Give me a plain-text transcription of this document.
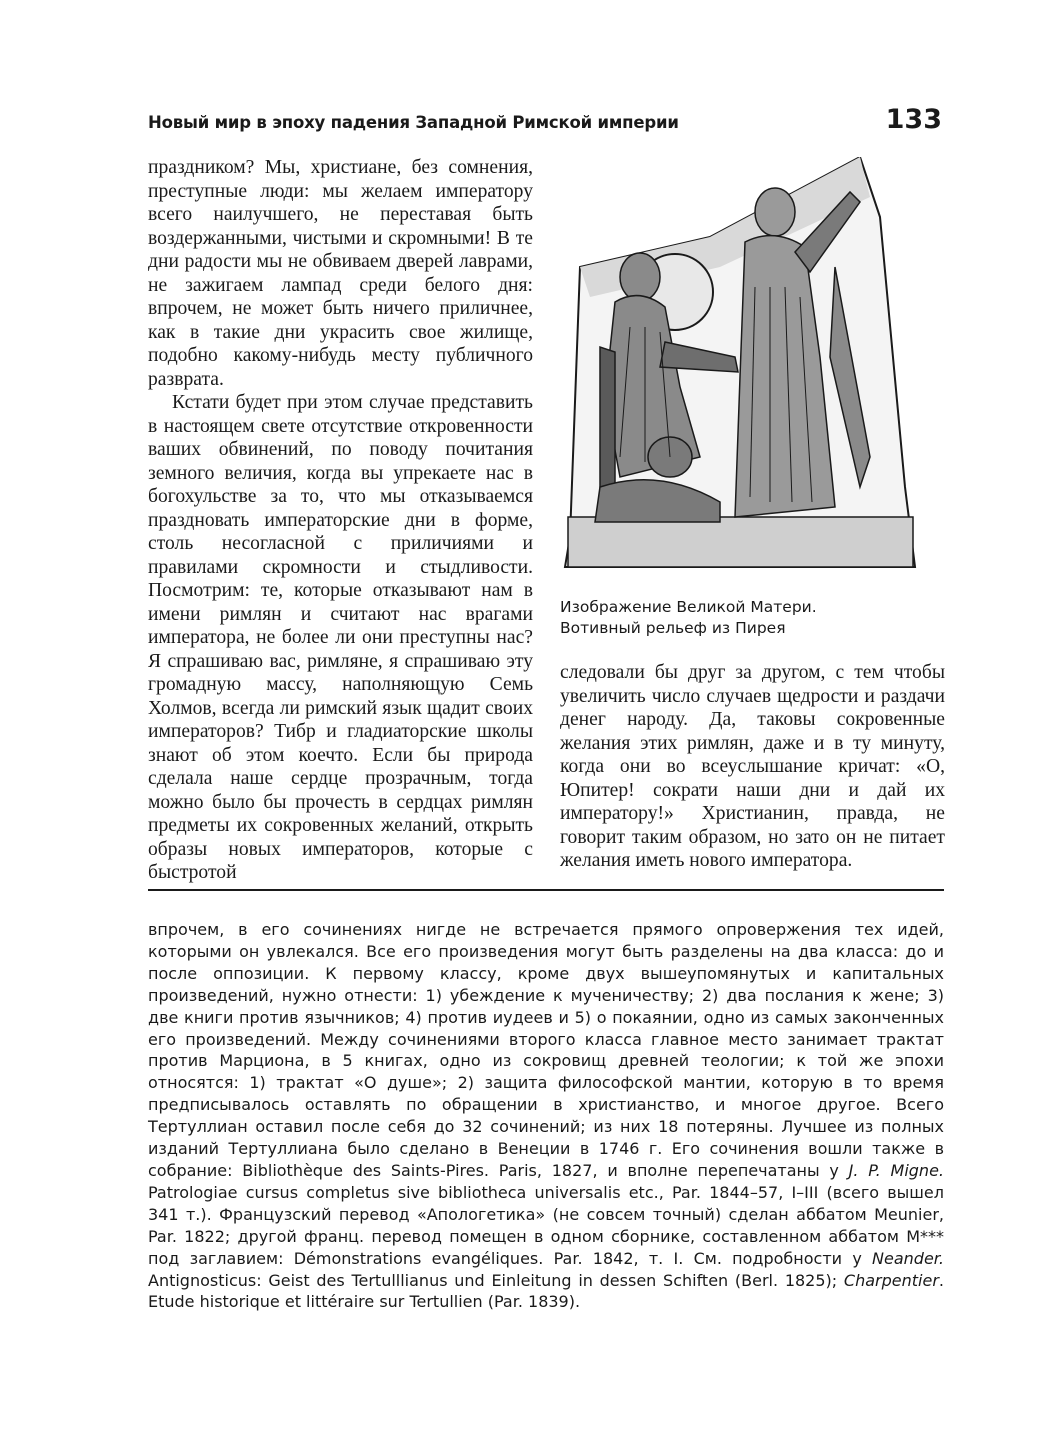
Новый мир в эпоху падения Западной Римской империи	133

праздником? Мы, христиане, без сомнения, преступные люди: мы желаем императору всего наилучшего, не переставая быть воздержанными, чистыми и скромными! В те дни радости мы не обвиваем дверей лаврами, не зажигаем лампад среди белого дня: впрочем, не может быть ничего приличнее, как в такие дни украсить свое жилище, подобно какому-нибудь месту публичного разврата.

Кстати будет при этом случае представить в настоящем свете отсутствие откровенности ваших обвинений, по поводу почитания земного величия, когда вы упрекаете нас в богохульстве за то, что мы отказываемся праздновать императорские дни в форме, столь несогласной с приличиями и правилами скромности и стыдливости. Посмотрим: те, которые отказывают нам в имени римлян и считают нас врагами императора, не более ли они преступны нас? Я спрашиваю вас, римляне, я спрашиваю эту громадную массу, наполняющую Семь Холмов, всегда ли римский язык щадит своих императоров? Тибр и гладиаторские школы знают об этом коечто. Если бы природа сделала наше сердце прозрачным, тогда можно было бы прочесть в сердцах римлян предметы их сокровенных желаний, открыть образы новых императоров, которые с быстротой

Изображение Великой Матери.
Вотивный рельеф из Пирея

следовали бы друг за другом, с тем чтобы увеличить число случаев щедрости и раздачи денег народу. Да, таковы сокровенные желания этих римлян, даже и в ту минуту, когда они во всеуслышание кричат: «О, Юпитер! сократи наши дни и дай их императору!» Христианин, правда, не говорит таким образом, но зато он не питает желания иметь нового императора.

впрочем, в его сочинениях нигде не встречается прямого опровержения тех идей, которыми он увлекался. Все его произведения могут быть разделены на два класса: до и после оппозиции. К первому классу, кроме двух вышеупомянутых и капитальных произведений, нужно отнести: 1) убеждение к мученичеству; 2) два послания к жене; 3) две книги против язычников; 4) против иудеев и 5) о покаянии, одно из самых законченных его произведений. Между сочинениями второго класса главное место занимает трактат против Марциона, в 5 книгах, одно из сокровищ древней теологии; к той же эпохи относятся: 1) трактат «О душе»; 2) защита философской мантии, которую в то время предписывалось оставлять по обращении в христианство, и многое другое. Всего Тертуллиан оставил после себя до 32 сочинений; из них 18 потеряны. Лучшее из полных изданий Тертуллиана было сделано в Венеции в 1746 г. Его сочинения вошли также в собрание: Bibliothèque des Saints-Pires. Paris, 1827, и вполне перепечатаны у J. P. Migne. Patrologiae cursus completus sive bibliotheca universalis etc., Par. 1844–57, I–III (всего вышел 341 т.). Французский перевод «Апологетика» (не совсем точный) сделан аббатом Meunier, Par. 1822; другой франц. перевод помещен в одном сборнике, составленном аббатом M*** под заглавием: Démonstrations evangéliques. Par. 1842, т. I. См. подробности у Neander. Antignosticus: Geist des Tertulllianus und Einleitung in dessen Schiften (Berl. 1825); Charpentier. Etude historique et littéraire sur Tertullien (Par. 1839).
